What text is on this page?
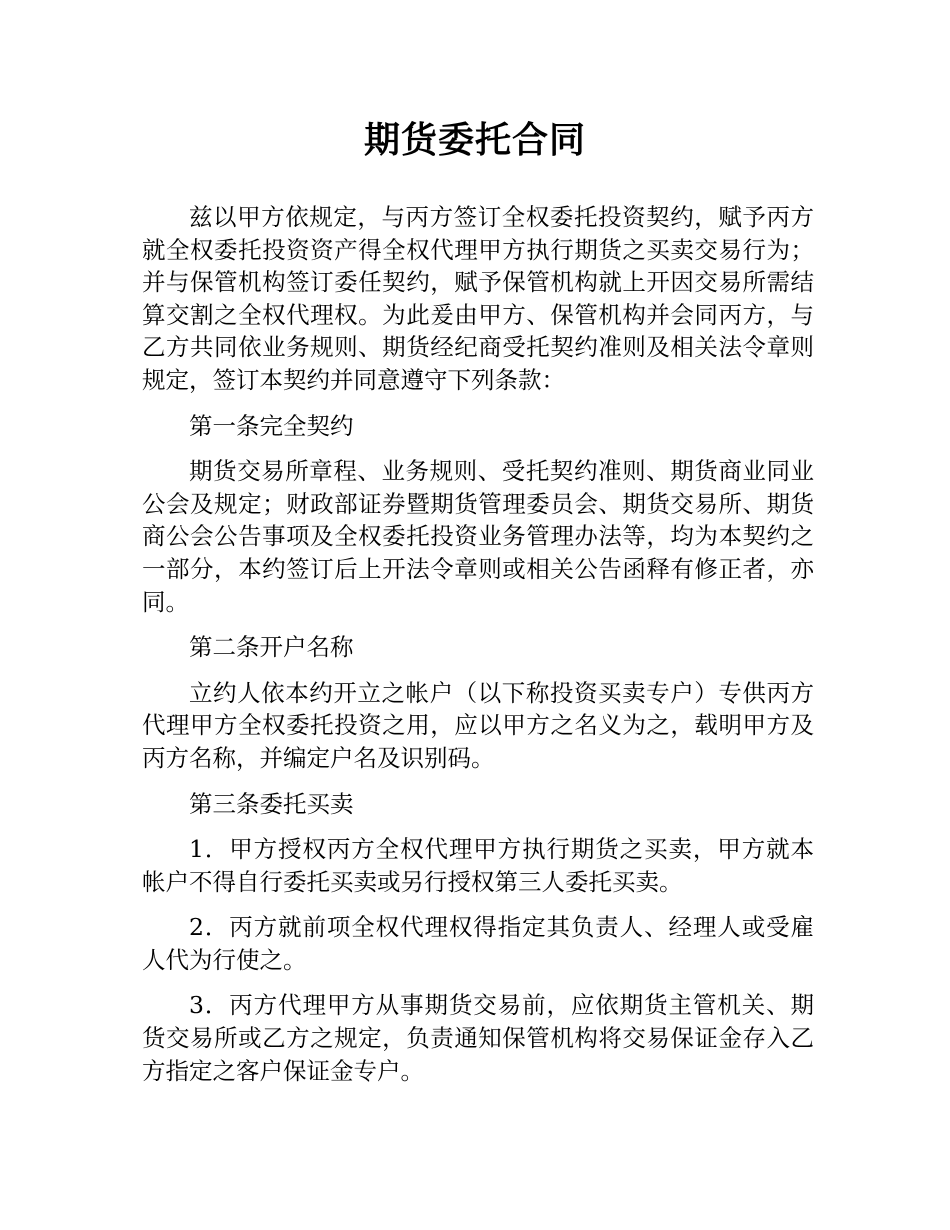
期货委托合同

兹以甲方依规定，与丙方签订全权委托投资契约，赋予丙方就全权委托投资资产得全权代理甲方执行期货之买卖交易行为；并与保管机构签订委任契约，赋予保管机构就上开因交易所需结算交割之全权代理权。为此爰由甲方、保管机构并会同丙方，与乙方共同依业务规则、期货经纪商受托契约准则及相关法令章则规定，签订本契约并同意遵守下列条款：

第一条完全契约

期货交易所章程、业务规则、受托契约准则、期货商业同业公会及规定；财政部证券暨期货管理委员会、期货交易所、期货商公会公告事项及全权委托投资业务管理办法等，均为本契约之一部分，本约签订后上开法令章则或相关公告函释有修正者，亦同。

第二条开户名称

立约人依本约开立之帐户（以下称投资买卖专户）专供丙方代理甲方全权委托投资之用，应以甲方之名义为之，载明甲方及丙方名称，并编定户名及识别码。

第三条委托买卖

1．甲方授权丙方全权代理甲方执行期货之买卖，甲方就本帐户不得自行委托买卖或另行授权第三人委托买卖。

2．丙方就前项全权代理权得指定其负责人、经理人或受雇人代为行使之。

3．丙方代理甲方从事期货交易前，应依期货主管机关、期货交易所或乙方之规定，负责通知保管机构将交易保证金存入乙方指定之客户保证金专户。
